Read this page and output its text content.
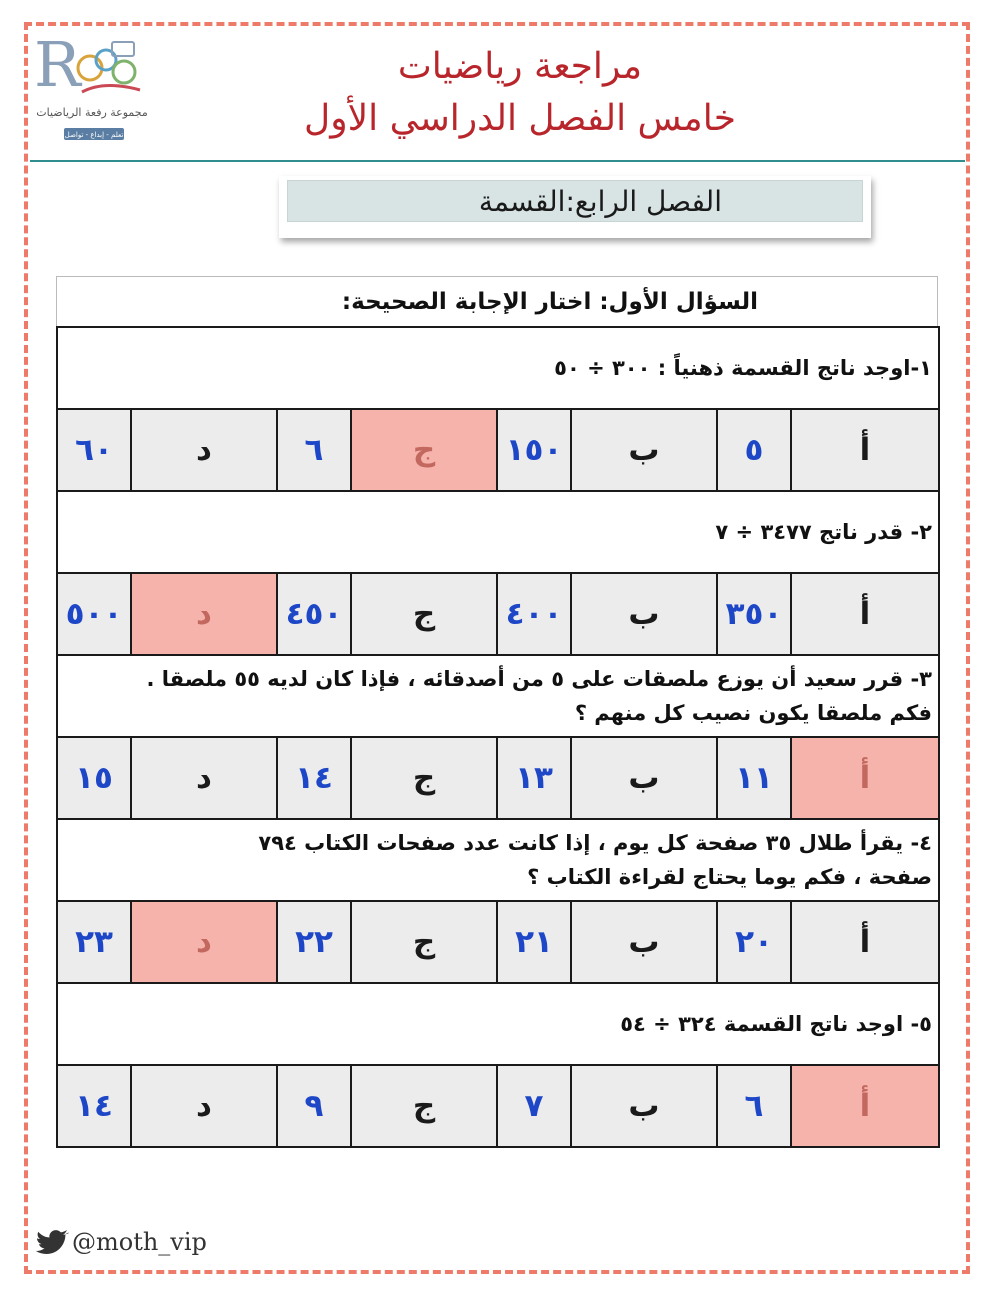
R
مجموعة رفعة الرياضيات
تعلم - إبداع - تواصل
مراجعة رياضيات
خامس الفصل الدراسي الأول
الفصل الرابع:القسمة
السؤال الأول: اختار الإجابة الصحيحة:
١-اوجد ناتج القسمة ذهنياً : ٣٠٠ ÷ ٥٠							
٦٠	د	٦	ج	١٥٠	ب	٥	أ
٢- قدر ناتج ٣٤٧٧ ÷ ٧							
٥٠٠	د	٤٥٠	ج	٤٠٠	ب	٣٥٠	أ

٣- قرر سعيد أن يوزع ملصقات على ٥ من أصدقائه ، فإذا كان لديه ٥٥ ملصقا .
فكم ملصقا يكون نصيب كل منهم ؟							

١٥	د	١٤	ج	١٣	ب	١١	أ

٤- يقرأ طلال ٣٥ صفحة كل يوم ، إذا كانت عدد صفحات الكتاب ٧٩٤
صفحة ، فكم يوما يحتاج لقراءة الكتاب ؟							

٢٣	د	٢٢	ج	٢١	ب	٢٠	أ
٥- اوجد ناتج القسمة ٣٢٤ ÷ ٥٤							
١٤	د	٩	ج	٧	ب	٦	أ
@moth_vip
